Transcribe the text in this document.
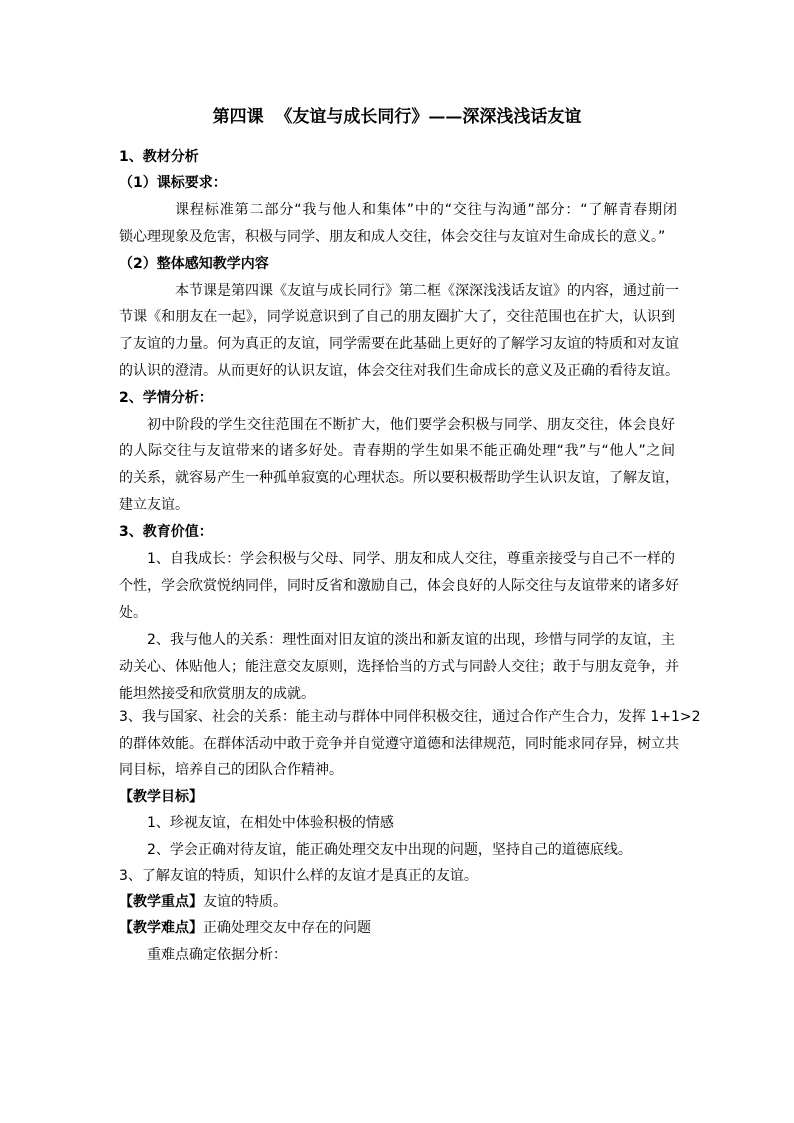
第四课  《友谊与成长同行》——深深浅浅话友谊
1、教材分析
（1）课标要求：
课程标准第二部分“我与他人和集体”中的“交往与沟通”部分：“了解青春期闭
锁心理现象及危害，积极与同学、朋友和成人交往，体会交往与友谊对生命成长的意义。”
（2）整体感知教学内容
本节课是第四课《友谊与成长同行》第二框《深深浅浅话友谊》的内容，通过前一
节课《和朋友在一起》，同学说意识到了自己的朋友圈扩大了，交往范围也在扩大，认识到
了友谊的力量。何为真正的友谊，同学需要在此基础上更好的了解学习友谊的特质和对友谊
的认识的澄清。从而更好的认识友谊，体会交往对我们生命成长的意义及正确的看待友谊。
2、学情分析：
初中阶段的学生交往范围在不断扩大，他们要学会积极与同学、朋友交往，体会良好
的人际交往与友谊带来的诸多好处。青春期的学生如果不能正确处理“我”与“他人”之间
的关系，就容易产生一种孤单寂寞的心理状态。所以要积极帮助学生认识友谊，了解友谊，
建立友谊。
3、教育价值：
1、自我成长：学会积极与父母、同学、朋友和成人交往，尊重亲接受与自己不一样的
个性，学会欣赏悦纳同伴，同时反省和激励自己，体会良好的人际交往与友谊带来的诸多好
处。
2、我与他人的关系：理性面对旧友谊的淡出和新友谊的出现，珍惜与同学的友谊，主
动关心、体贴他人；能注意交友原则，选择恰当的方式与同龄人交往；敢于与朋友竞争，并
能坦然接受和欣赏朋友的成就。
3、我与国家、社会的关系：能主动与群体中同伴积极交往，通过合作产生合力，发挥 1+1>2
的群体效能。在群体活动中敢于竞争并自觉遵守道德和法律规范，同时能求同存异，树立共
同目标，培养自己的团队合作精神。
【教学目标】
1、珍视友谊，在相处中体验积极的情感
2、学会正确对待友谊，能正确处理交友中出现的问题，坚持自己的道德底线。
3、了解友谊的特质，知识什么样的友谊才是真正的友谊。
【教学重点】友谊的特质。
【教学难点】正确处理交友中存在的问题
重难点确定依据分析：
